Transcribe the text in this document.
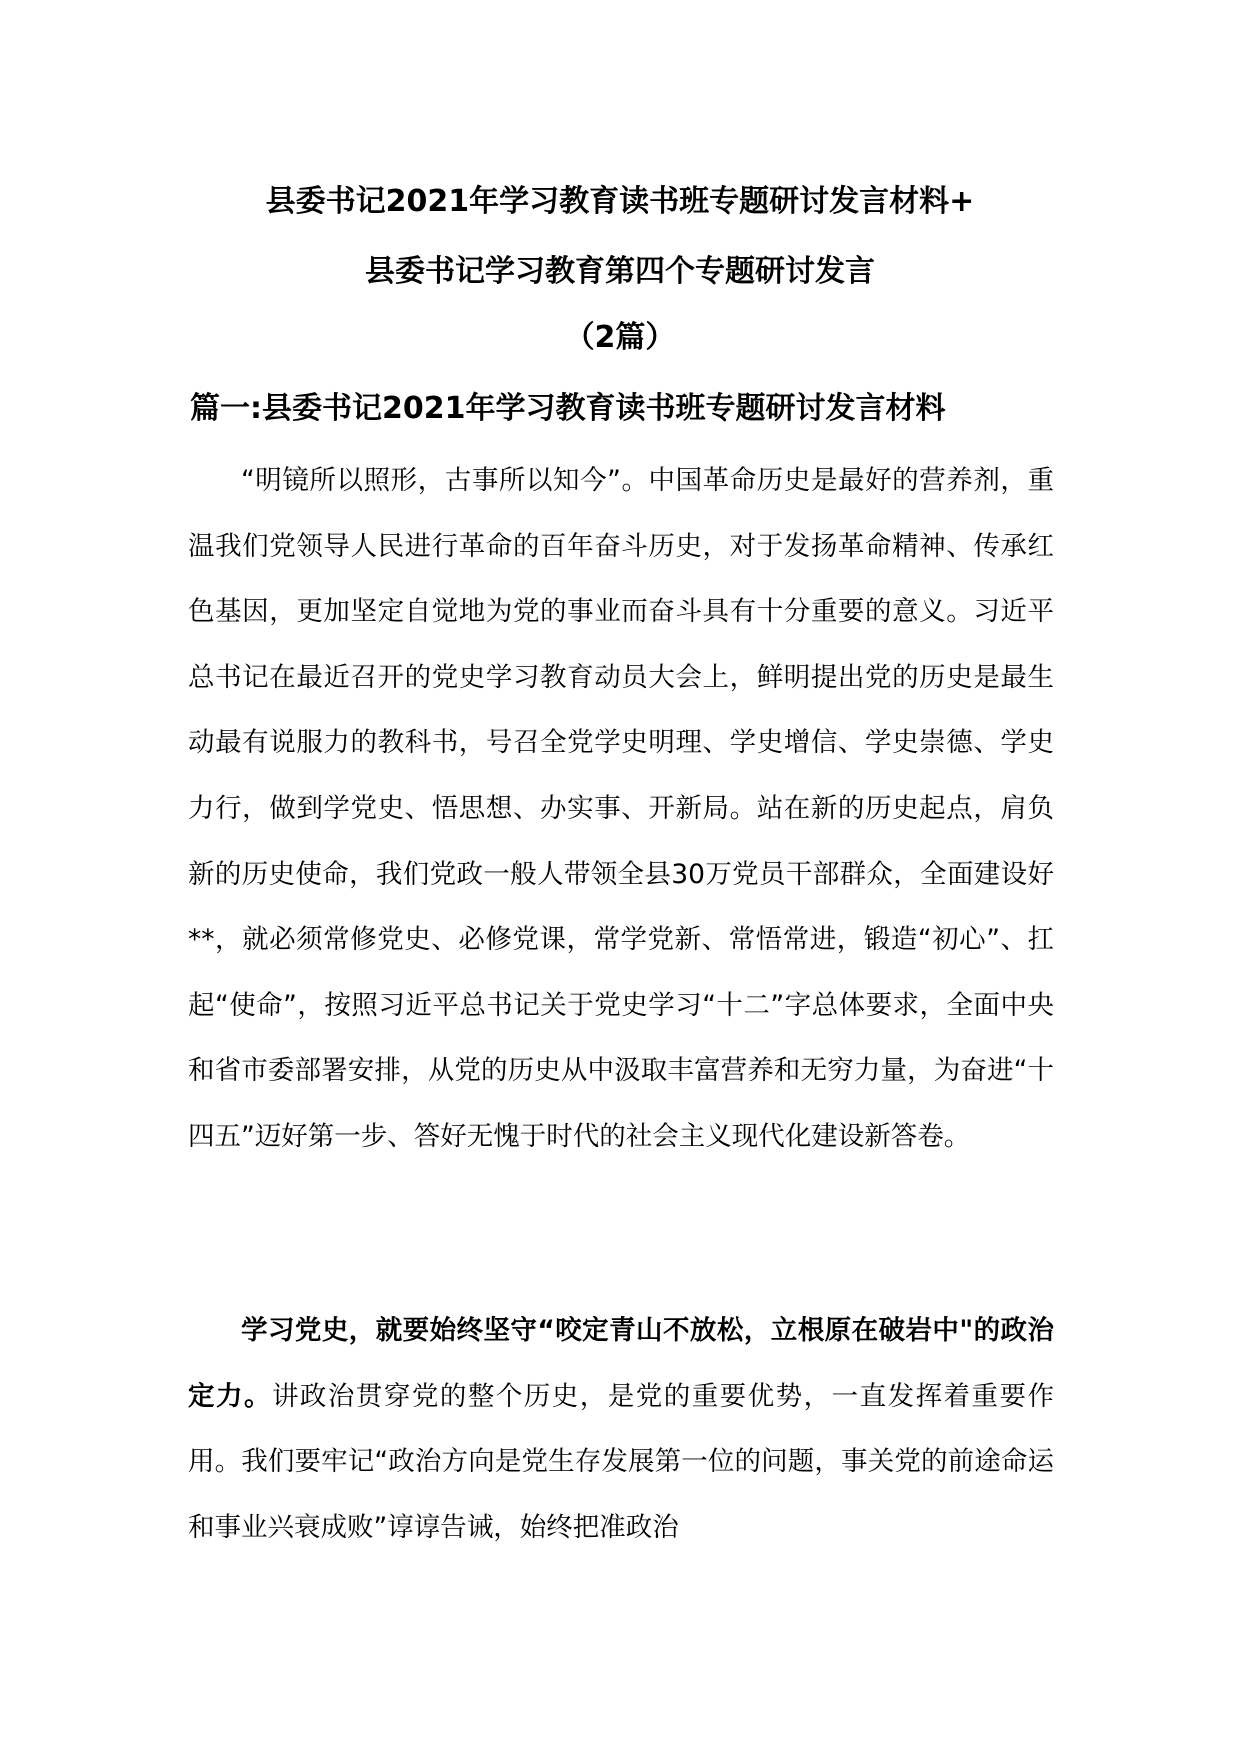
县委书记2021年学习教育读书班专题研讨发言材料+
县委书记学习教育第四个专题研讨发言
（2篇）
篇一:县委书记2021年学习教育读书班专题研讨发言材料

“明镜所以照形，古事所以知今”。中国革命历史是最好的营养剂，重温我们党领导人民进行革命的百年奋斗历史，对于发扬革命精神、传承红色基因，更加坚定自觉地为党的事业而奋斗具有十分重要的意义。习近平总书记在最近召开的党史学习教育动员大会上，鲜明提出党的历史是最生动最有说服力的教科书，号召全党学史明理、学史增信、学史崇德、学史力行，做到学党史、悟思想、办实事、开新局。站在新的历史起点，肩负新的历史使命，我们党政一般人带领全县30万党员干部群众，全面建设好**，就必须常修党史、必修党课，常学党新、常悟常进，锻造“初心”、扛起“使命”，按照习近平总书记关于党史学习“十二”字总体要求，全面中央和省市委部署安排，从党的历史从中汲取丰富营养和无穷力量，为奋进“十四五”迈好第一步、答好无愧于时代的社会主义现代化建设新答卷。

学习党史，就要始终坚守“咬定青山不放松，立根原在破岩中"的政治定力。讲政治贯穿党的整个历史，是党的重要优势，一直发挥着重要作用。我们要牢记“政治方向是党生存发展第一位的问题，事关党的前途命运和事业兴衰成败”谆谆告诫，始终把准政治
